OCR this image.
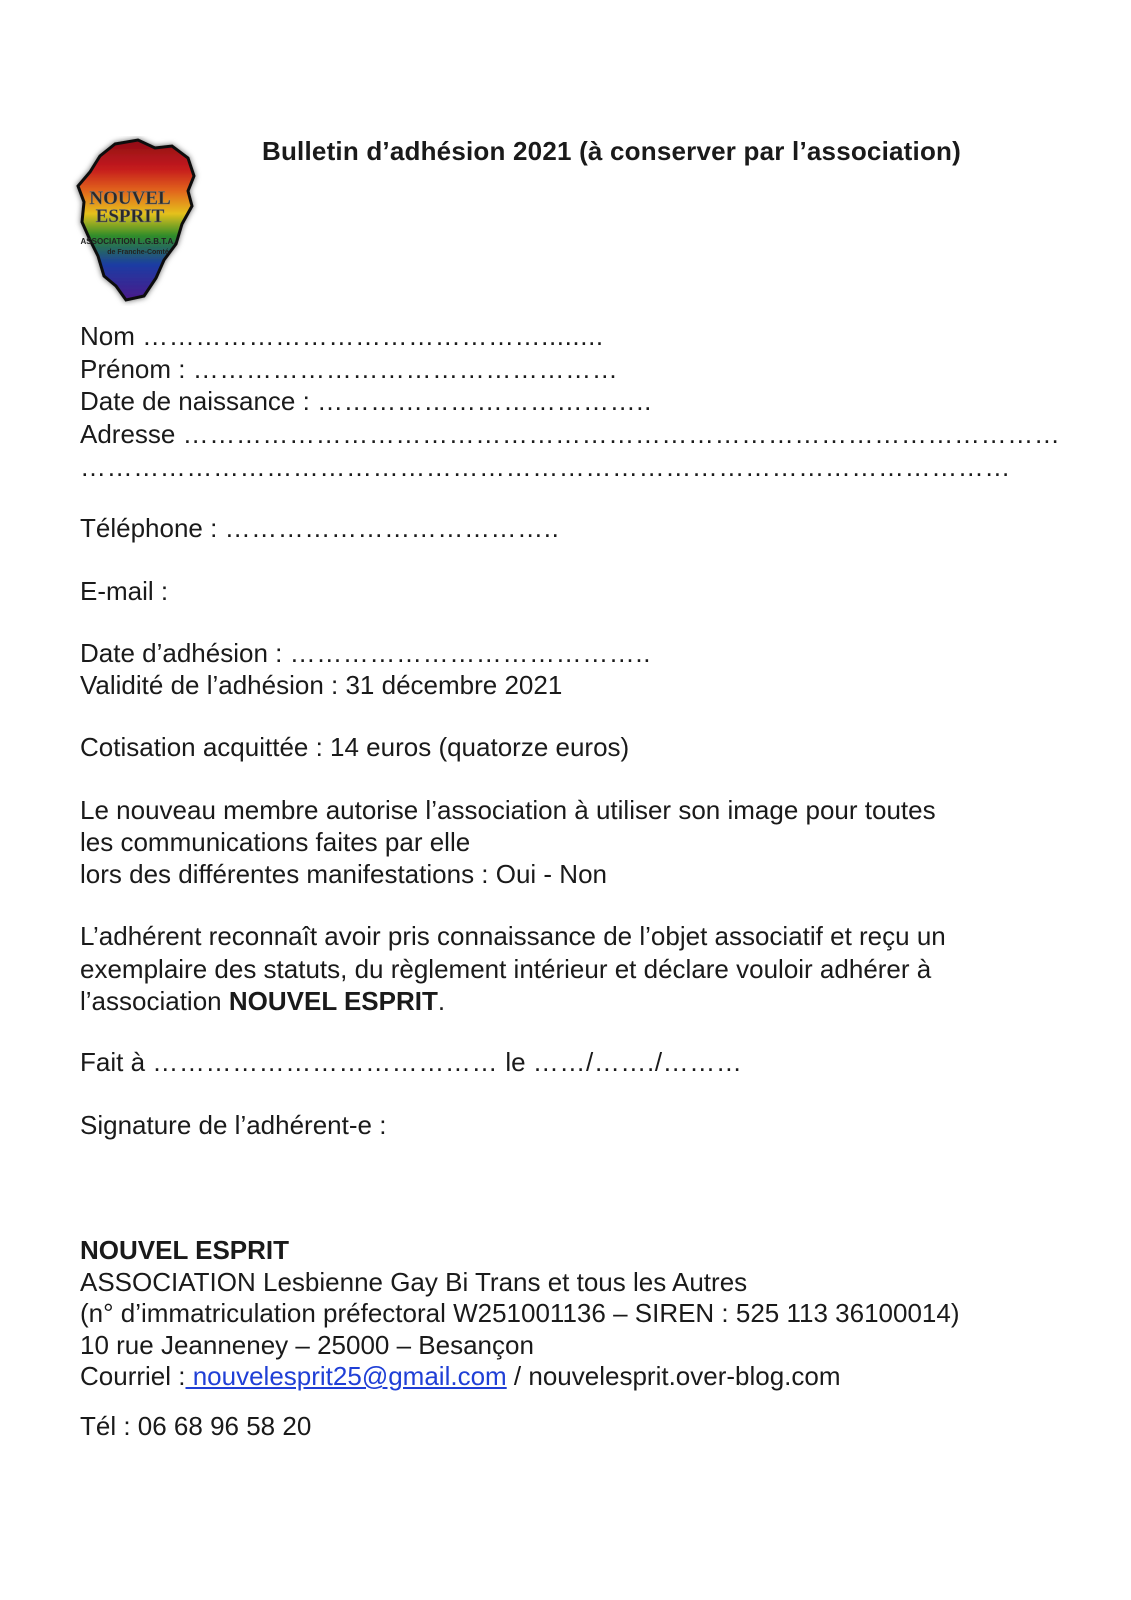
NOUVEL
ESPRIT
ASSOCIATION L.G.B.T.A.
de Franche-Comté
Bulletin d’adhésion 2021 (à conserver par l’association)
Nom ………………………………………........
Prénom : …………………………………………
Date de naissance : ………………………………..
Adresse ………………………………………………………………………………………
……………………………………………………………………………………………
Téléphone : ………………………………..
E-mail :
Date d’adhésion : …………………………………..
Validité de l’adhésion : 31 décembre 2021
Cotisation acquittée : 14 euros (quatorze euros)
Le nouveau membre autorise l’association à utiliser son image pour toutes
les communications faites par elle
lors des différentes manifestations : Oui - Non
L’adhérent reconnaît avoir pris connaissance de l’objet associatif et reçu un
exemplaire des statuts, du règlement intérieur et déclare vouloir adhérer à
l’association NOUVEL ESPRIT.
Fait à ………………………………… le ……/……./………
Signature de l’adhérent-e :
NOUVEL ESPRIT
ASSOCIATION Lesbienne Gay Bi Trans et tous les Autres
(n° d’immatriculation préfectoral W251001136 – SIREN : 525 113 36100014)
10 rue Jeanneney – 25000 – Besançon
Courriel : nouvelesprit25@gmail.com / nouvelesprit.over-blog.com
Tél : 06 68 96 58 20
